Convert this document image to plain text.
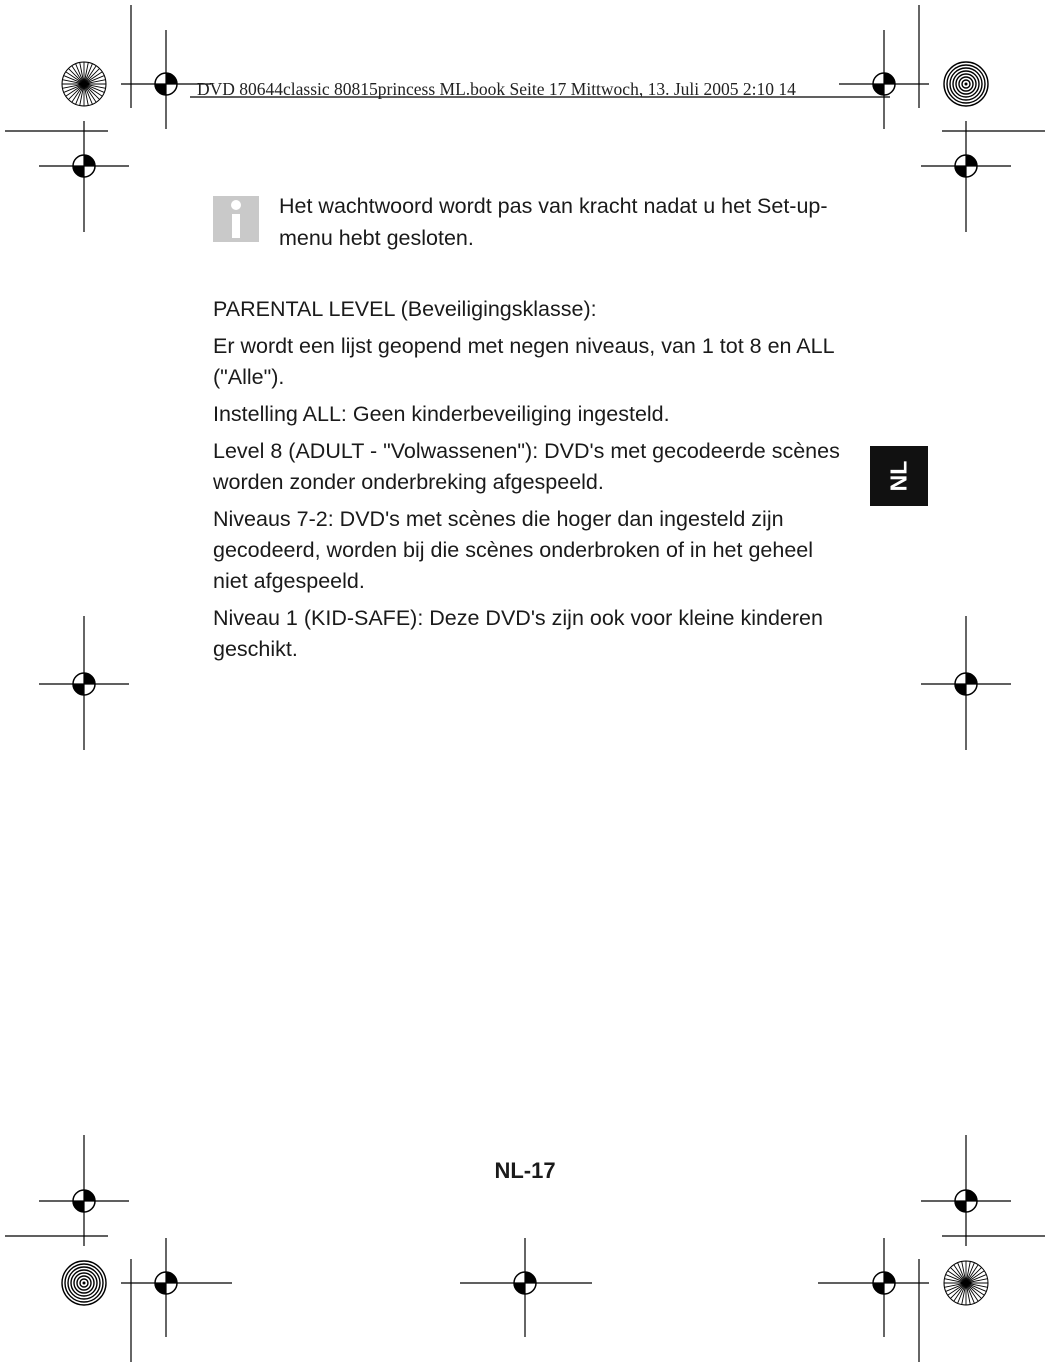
DVD 80644classic 80815princess ML.book Seite 17 Mittwoch, 13. Juli 2005 2:10 14
Het wachtwoord wordt pas van kracht nadat u het Set-up-menu hebt gesloten.

PARENTAL LEVEL (Beveiligingsklasse):

Er wordt een lijst geopend met negen niveaus, van 1 tot 8 en ALL ("Alle").

Instelling ALL: Geen kinderbeveiliging ingesteld.

Level 8 (ADULT - "Volwassenen"): DVD's met gecodeerde scènes worden zonder onderbreking afgespeeld.

Niveaus 7-2: DVD's met scènes die hoger dan ingesteld zijn gecodeerd, worden bij die scènes onderbroken of in het geheel niet afgespeeld.

Niveau 1 (KID-SAFE): Deze DVD's zijn ook voor kleine kinderen geschikt.

NL
NL-17
